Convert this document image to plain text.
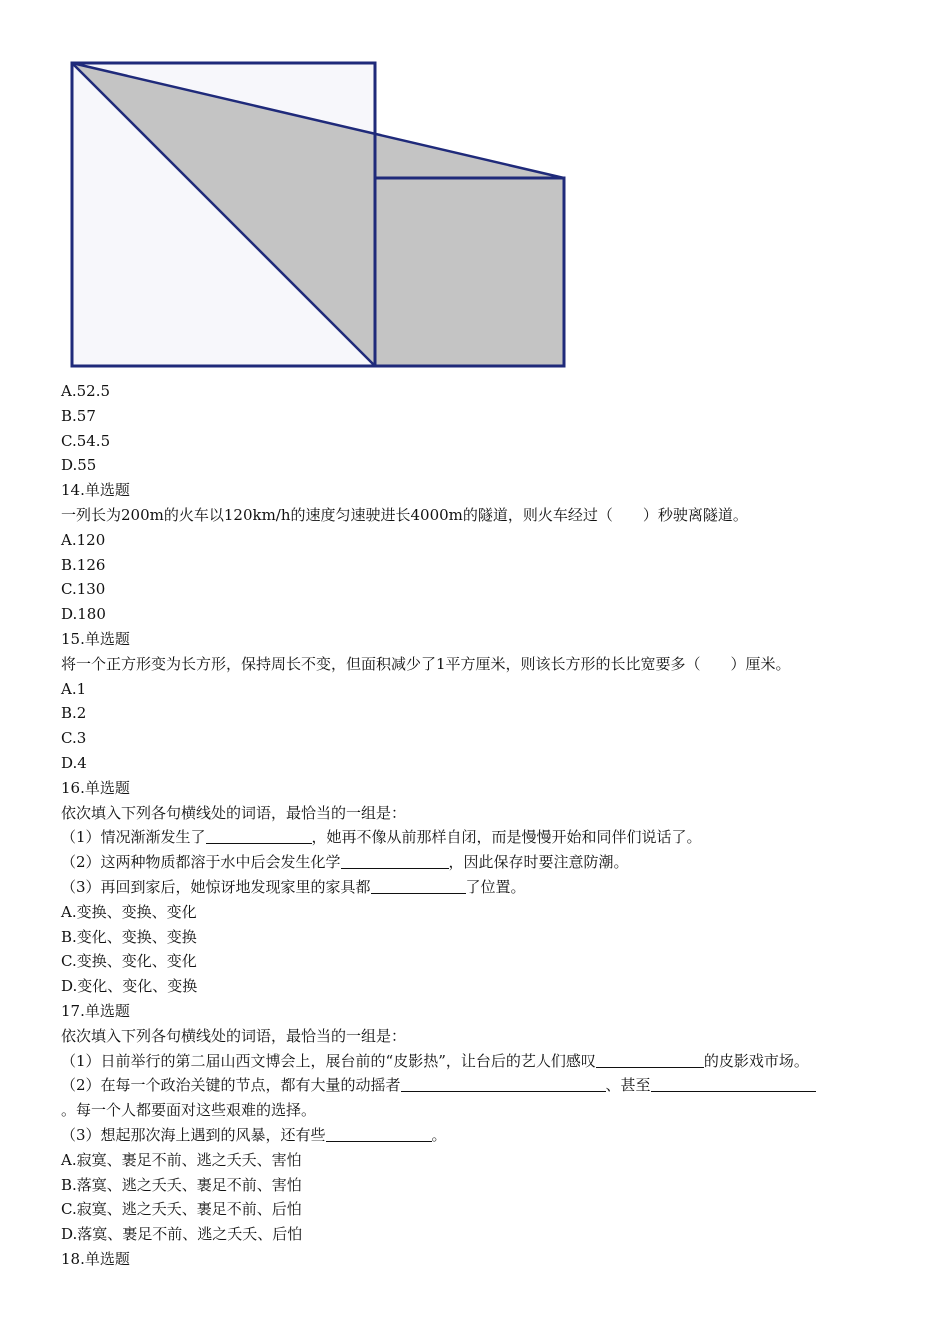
A.52.5
B.57
C.54.5
D.55
14.单选题
一列长为200m的火车以120km/h的速度匀速驶进长4000m的隧道，则火车经过（　　）秒驶离隧道。
A.120
B.126
C.130
D.180
15.单选题
将一个正方形变为长方形，保持周长不变，但面积减少了1平方厘米，则该长方形的长比宽要多（　　）厘米。
A.1
B.2
C.3
D.4
16.单选题
依次填入下列各句横线处的词语，最恰当的一组是：
（1）情况渐渐发生了	，她再不像从前那样自闭，而是慢慢开始和同伴们说话了。
（2）这两种物质都溶于水中后会发生化学	，因此保存时要注意防潮。
（3）再回到家后，她惊讶地发现家里的家具都	了位置。
A.变换、变换、变化
B.变化、变换、变换
C.变换、变化、变化
D.变化、变化、变换
17.单选题
依次填入下列各句横线处的词语，最恰当的一组是：
（1）日前举行的第二届山西文博会上，展台前的“皮影热”，让台后的艺人们感叹	的皮影戏市场。
（2）在每一个政治关键的节点，都有大量的动摇者	、甚至
。每一个人都要面对这些艰难的选择。
（3）想起那次海上遇到的风暴，还有些	。
A.寂寞、裹足不前、逃之夭夭、害怕
B.落寞、逃之夭夭、裹足不前、害怕
C.寂寞、逃之夭夭、裹足不前、后怕
D.落寞、裹足不前、逃之夭夭、后怕
18.单选题
